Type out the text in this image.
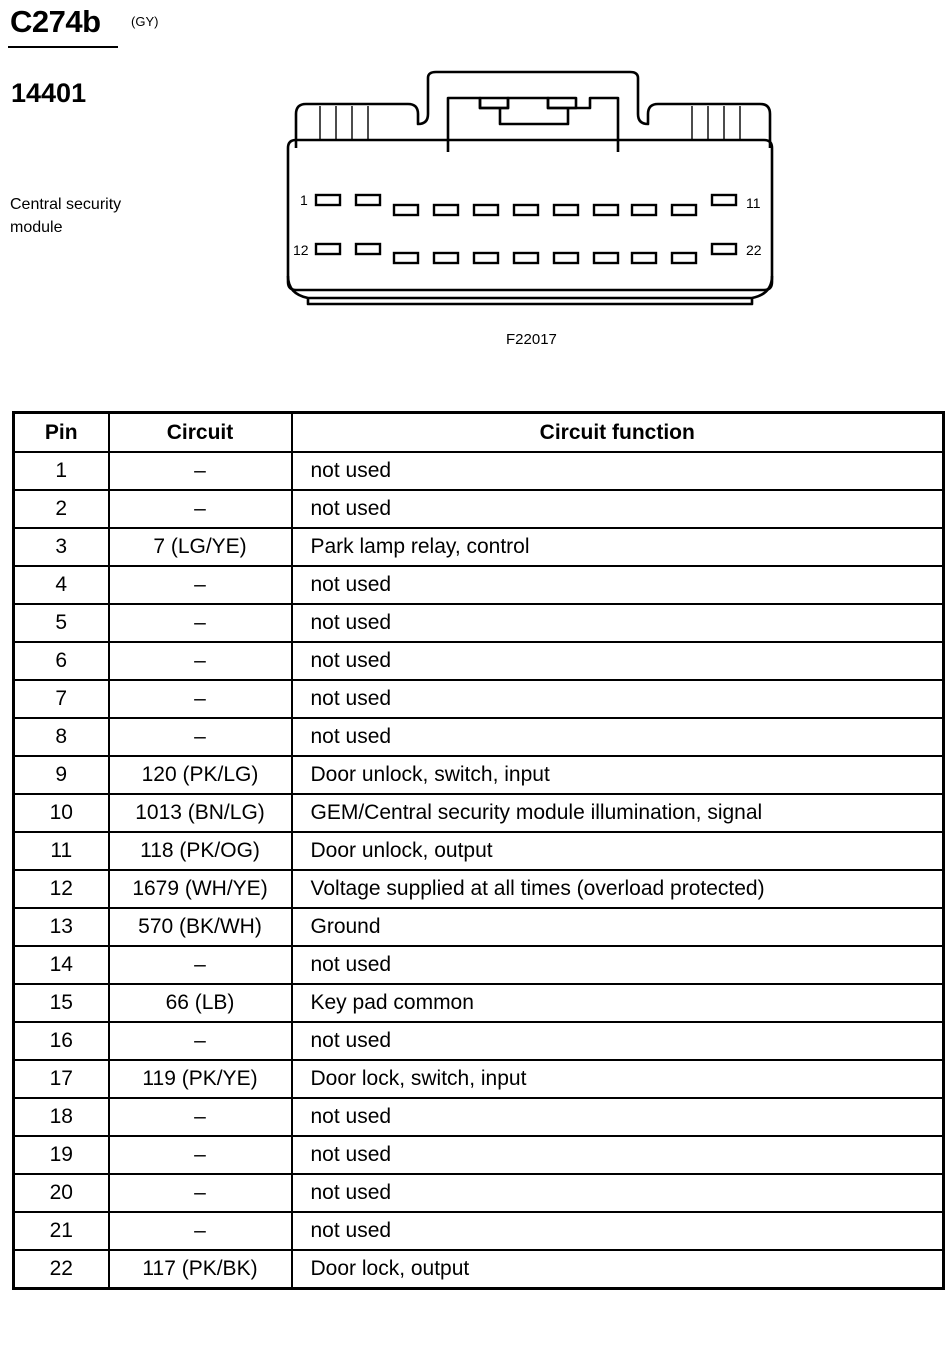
C274b (GY)
14401
Central security module
1	11
12	22
F22017
Pin	Circuit	Circuit function
1	–	not used
2	–	not used
3	7 (LG/YE)	Park lamp relay, control
4	–	not used
5	–	not used
6	–	not used
7	–	not used
8	–	not used
9	120 (PK/LG)	Door unlock, switch, input
10	1013 (BN/LG)	GEM/Central security module illumination, signal
11	118 (PK/OG)	Door unlock, output
12	1679 (WH/YE)	Voltage supplied at all times (overload protected)
13	570 (BK/WH)	Ground
14	–	not used
15	66 (LB)	Key pad common
16	–	not used
17	119 (PK/YE)	Door lock, switch, input
18	–	not used
19	–	not used
20	–	not used
21	–	not used
22	117 (PK/BK)	Door lock, output
